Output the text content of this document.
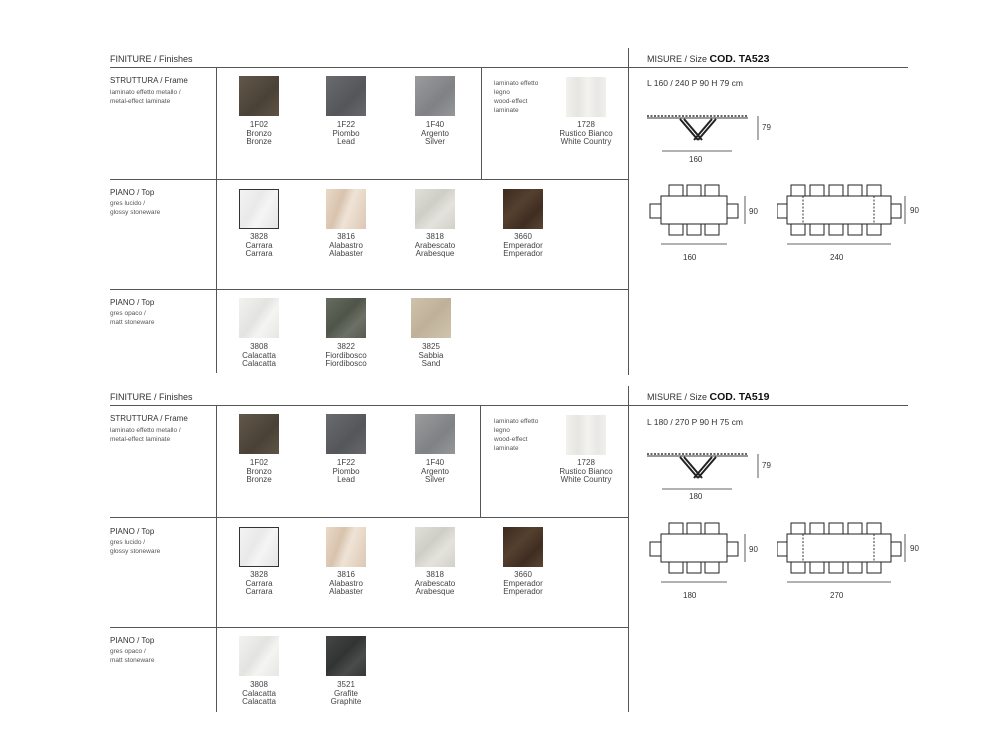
FINITURE / Finishes
STRUTTURA / Frame
laminato effetto metallo /
metal-effect laminate
1F02
Bronzo
Bronze
1F22
Piombo
Lead
1F40
Argento
Silver
laminato effetto
legno
wood-effect
laminate
1728
Rustico Bianco
White Country
PIANO / Top
gres lucido /
glossy stoneware
3828
Carrara
Carrara
3816
Alabastro
Alabaster
3818
Arabescato
Arabesque
3660
Emperador
Emperador
PIANO / Top
gres opaco /
matt stoneware
3808
Calacatta
Calacatta
3822
Fiordibosco
Fiordibosco
3825
Sabbia
Sand
MISURE / Size COD. TA523
L 160 / 240 P 90 H 79 cm
79
160
90
160
90
240
FINITURE / Finishes
STRUTTURA / Frame
laminato effetto metallo /
metal-effect laminate
1F02
Bronzo
Bronze
1F22
Piombo
Lead
1F40
Argento
Silver
laminato effetto
legno
wood-effect
laminate
1728
Rustico Bianco
White Country
PIANO / Top
gres lucido /
glossy stoneware
3828
Carrara
Carrara
3816
Alabastro
Alabaster
3818
Arabescato
Arabesque
3660
Emperador
Emperador
PIANO / Top
gres opaco /
matt stoneware
3808
Calacatta
Calacatta
3521
Grafite
Graphite
MISURE / Size COD. TA519
L 180 / 270 P 90 H 75 cm
79
180
90
180
90
270
